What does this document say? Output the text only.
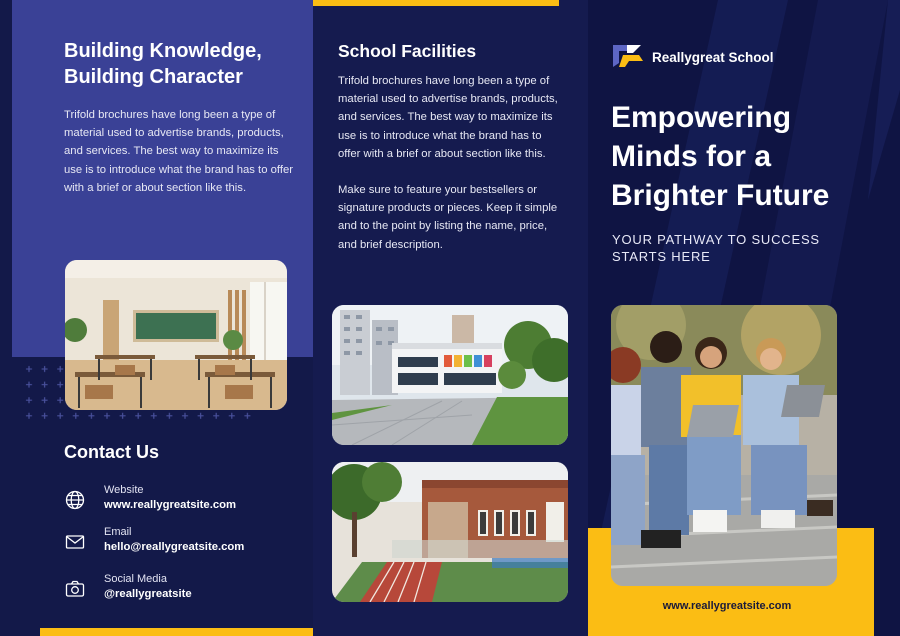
Building Knowledge,
Building Character

Trifold brochures have long been a type of material used to advertise brands, products, and services. The best way to maximize its use is to introduce what the brand has to offer with a brief or about section like this.

Contact Us
Website
www.reallygreatsite.com
Email
hello@reallygreatsite.com
Social Media
@reallygreatsite
School Facilities

Trifold brochures have long been a type of material used to advertise brands, products, and services. The best way to maximize its use is to introduce what the brand has to offer with a brief or about section like this.

Make sure to feature your bestsellers or signature products or pieces. Keep it simple and to the point by listing the name, price, and brief description.

Reallygreat School
Empowering
Minds for a
Brighter Future

YOUR PATHWAY TO SUCCESS
STARTS HERE

www.reallygreatsite.com
